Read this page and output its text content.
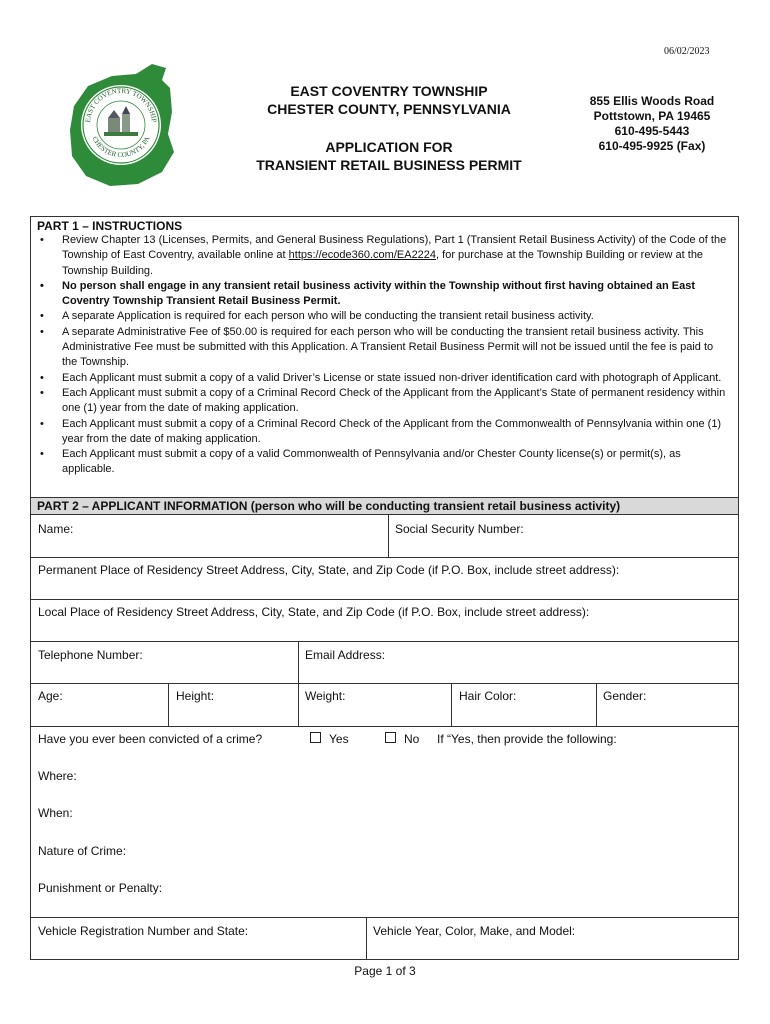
06/02/2023
EAST COVENTRY TOWNSHIP
CHESTER COUNTY, PA
EAST COVENTRY TOWNSHIP
CHESTER COUNTY, PENNSYLVANIA
APPLICATION FOR
TRANSIENT RETAIL BUSINESS PERMIT
855 Ellis Woods Road
Pottstown, PA 19465
610-495-5443
610-495-9925 (Fax)
PART 1 – INSTRUCTIONS
• Review Chapter 13 (Licenses, Permits, and General Business Regulations), Part 1 (Transient Retail Business Activity) of the Code of the Township of East Coventry, available online at https://ecode360.com/EA2224, for purchase at the Township Building or review at the Township Building.
• No person shall engage in any transient retail business activity within the Township without first having obtained an East Coventry Township Transient Retail Business Permit.
• A separate Application is required for each person who will be conducting the transient retail business activity.
• A separate Administrative Fee of $50.00 is required for each person who will be conducting the transient retail business activity. This Administrative Fee must be submitted with this Application. A Transient Retail Business Permit will not be issued until the fee is paid to the Township.
• Each Applicant must submit a copy of a valid Driver’s License or state issued non-driver identification card with photograph of Applicant.
• Each Applicant must submit a copy of a Criminal Record Check of the Applicant from the Applicant’s State of permanent residency within one (1) year from the date of making application.
• Each Applicant must submit a copy of a Criminal Record Check of the Applicant from the Commonwealth of Pennsylvania within one (1) year from the date of making application.
• Each Applicant must submit a copy of a valid Commonwealth of Pennsylvania and/or Chester County license(s) or permit(s), as applicable.
PART 2 – APPLICANT INFORMATION (person who will be conducting transient retail business activity)
Name:	Social Security Number:
Permanent Place of Residency Street Address, City, State, and Zip Code (if P.O. Box, include street address):
Local Place of Residency Street Address, City, State, and Zip Code (if P.O. Box, include street address):
Telephone Number:	Email Address:
Age:	Height:	Weight:	Hair Color:	Gender:
Have you ever been convicted of a crime?	Yes	No If “Yes, then provide the following:
Where:
When:
Nature of Crime:
Punishment or Penalty:
Vehicle Registration Number and State:	Vehicle Year, Color, Make, and Model:
Page 1 of 3
